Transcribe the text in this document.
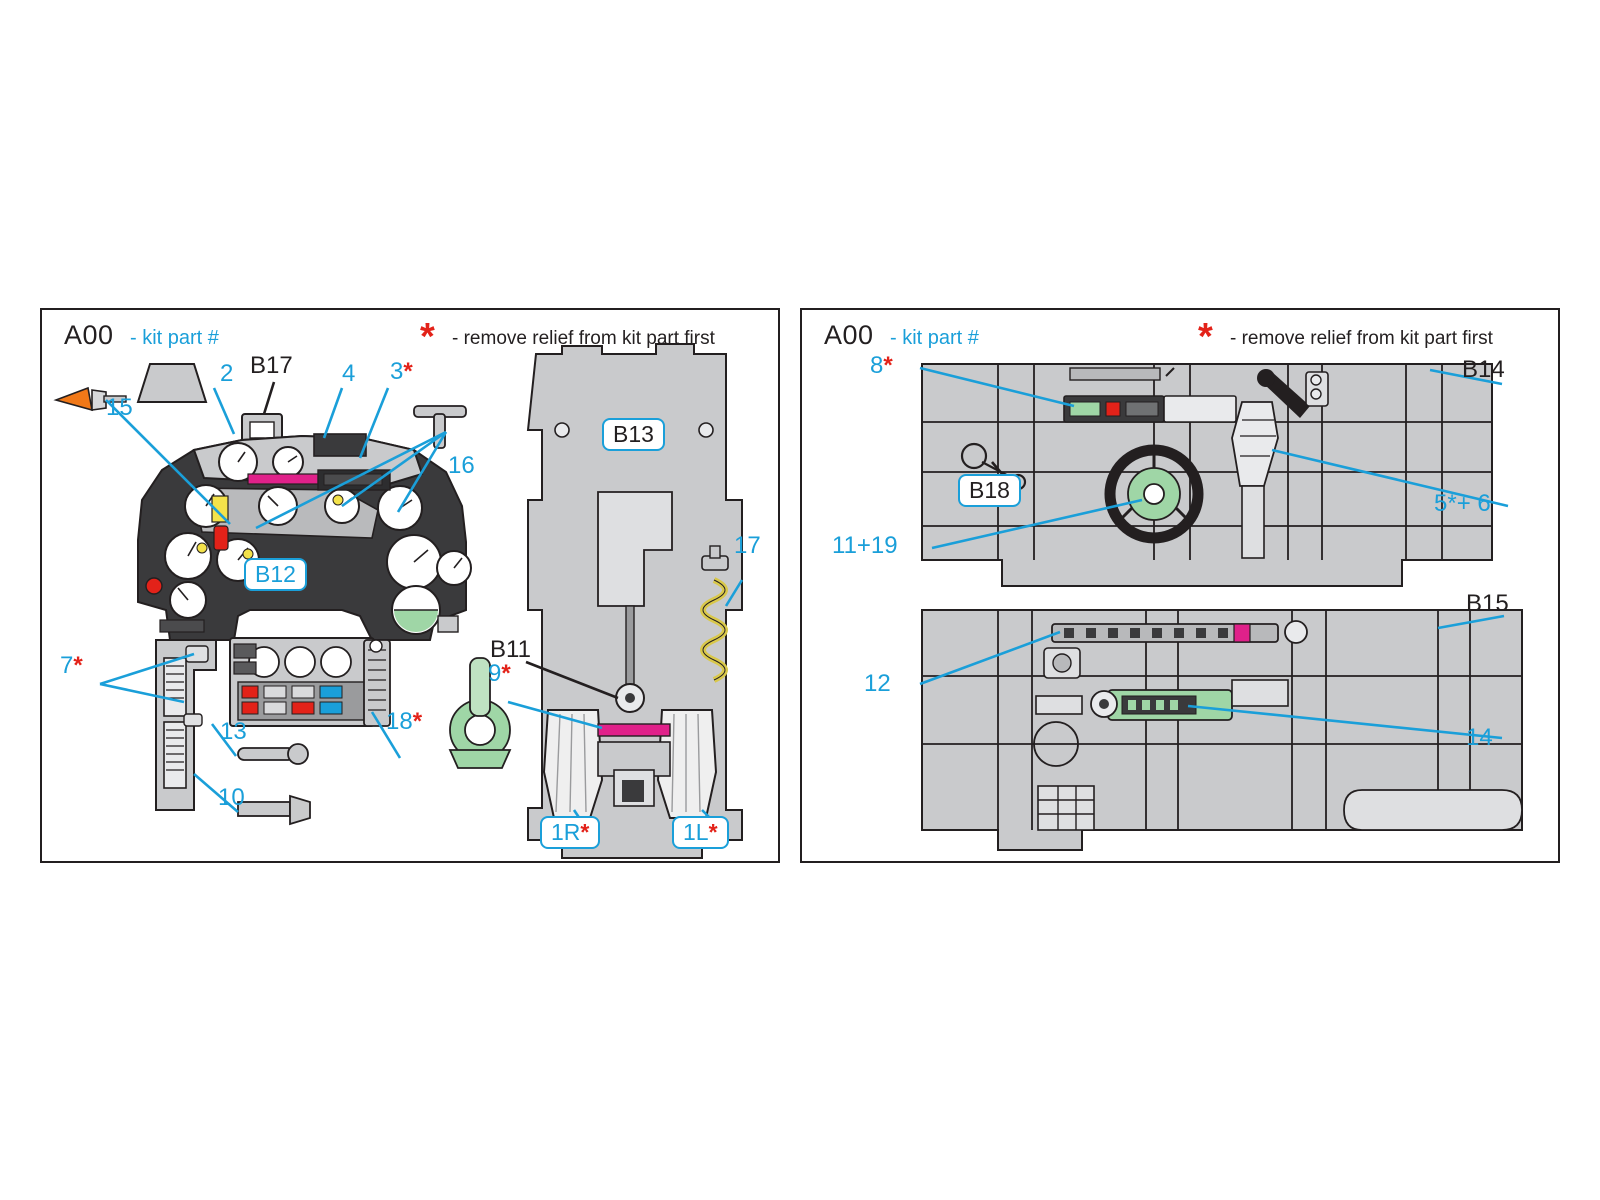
A00 - kit part #	* - remove relief from kit part first
2 B17 4 3*
15
16
B12
7*
13
10
18*
B13
B11
9*
17
1R*	1L*
A00 - kit part #	* - remove relief from kit part first
8*	B14
B18	5*+ 6
11+19
B15
12
14
